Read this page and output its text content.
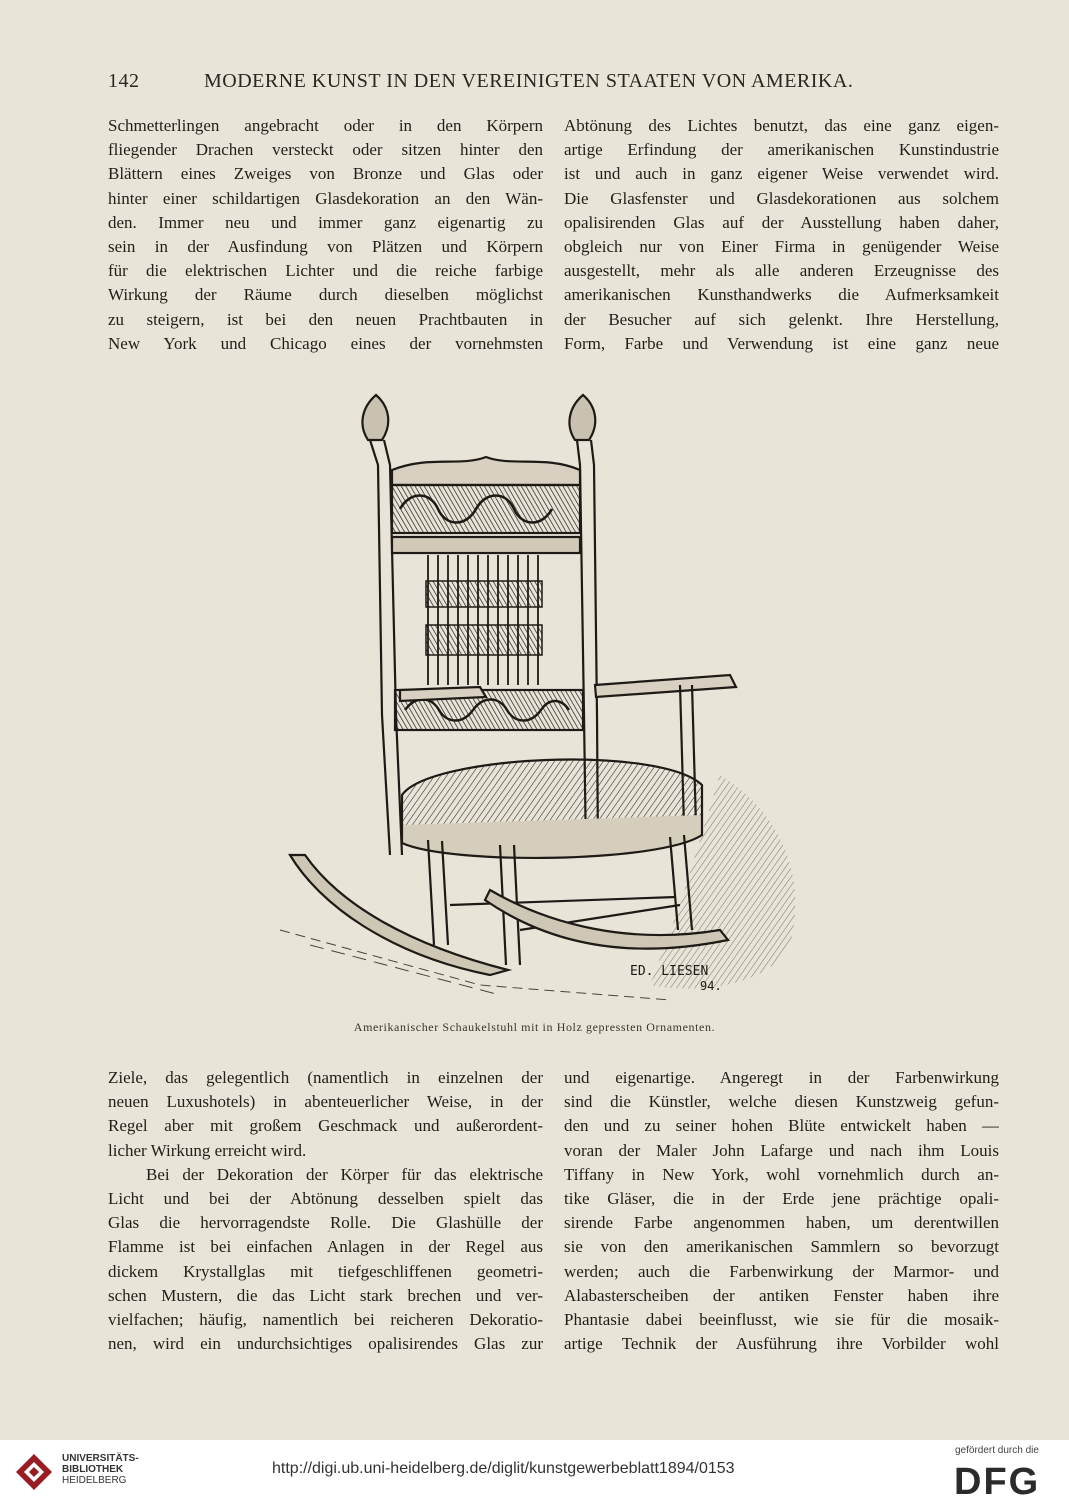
142	MODERNE KUNST IN DEN VEREINIGTEN STAATEN VON AMERIKA.
Schmetterlingen angebracht oder in den Körpern
fliegender Drachen versteckt oder sitzen hinter den
Blättern eines Zweiges von Bronze und Glas oder
hinter einer schildartigen Glasdekoration an den Wän-
den. Immer neu und immer ganz eigenartig zu
sein in der Ausfindung von Plätzen und Körpern
für die elektrischen Lichter und die reiche farbige
Wirkung der Räume durch dieselben möglichst
zu steigern, ist bei den neuen Prachtbauten in
New York und Chicago eines der vornehmsten
Abtönung des Lichtes benutzt, das eine ganz eigen-
artige Erfindung der amerikanischen Kunstindustrie
ist und auch in ganz eigener Weise verwendet wird.
Die Glasfenster und Glasdekorationen aus solchem
opalisirenden Glas auf der Ausstellung haben daher,
obgleich nur von Einer Firma in genügender Weise
ausgestellt, mehr als alle anderen Erzeugnisse des
amerikanischen Kunsthandwerks die Aufmerksamkeit
der Besucher auf sich gelenkt. Ihre Herstellung,
Form, Farbe und Verwendung ist eine ganz neue
ED. LIESEN
94.
Amerikanischer Schaukelstuhl mit in Holz gepressten Ornamenten.
Ziele, das gelegentlich (namentlich in einzelnen der
neuen Luxushotels) in abenteuerlicher Weise, in der
Regel aber mit großem Geschmack und außerordent-
licher Wirkung erreicht wird.
Bei der Dekoration der Körper für das elektrische
Licht und bei der Abtönung desselben spielt das
Glas die hervorragendste Rolle. Die Glashülle der
Flamme ist bei einfachen Anlagen in der Regel aus
dickem Krystallglas mit tiefgeschliffenen geometri-
schen Mustern, die das Licht stark brechen und ver-
vielfachen; häufig, namentlich bei reicheren Dekoratio-
nen, wird ein undurchsichtiges opalisirendes Glas zur
und eigenartige. Angeregt in der Farbenwirkung
sind die Künstler, welche diesen Kunstzweig gefun-
den und zu seiner hohen Blüte entwickelt haben —
voran der Maler John Lafarge und nach ihm Louis
Tiffany in New York, wohl vornehmlich durch an-
tike Gläser, die in der Erde jene prächtige opali-
sirende Farbe angenommen haben, um derentwillen
sie von den amerikanischen Sammlern so bevorzugt
werden; auch die Farbenwirkung der Marmor- und
Alabasterscheiben der antiken Fenster haben ihre
Phantasie dabei beeinflusst, wie sie für die mosaik-
artige Technik der Ausführung ihre Vorbilder wohl
UNIVERSITÄTS-
BIBLIOTHEK
HEIDELBERG
http://digi.ub.uni-heidelberg.de/diglit/kunstgewerbeblatt1894/0153
gefördert durch die
DFG
